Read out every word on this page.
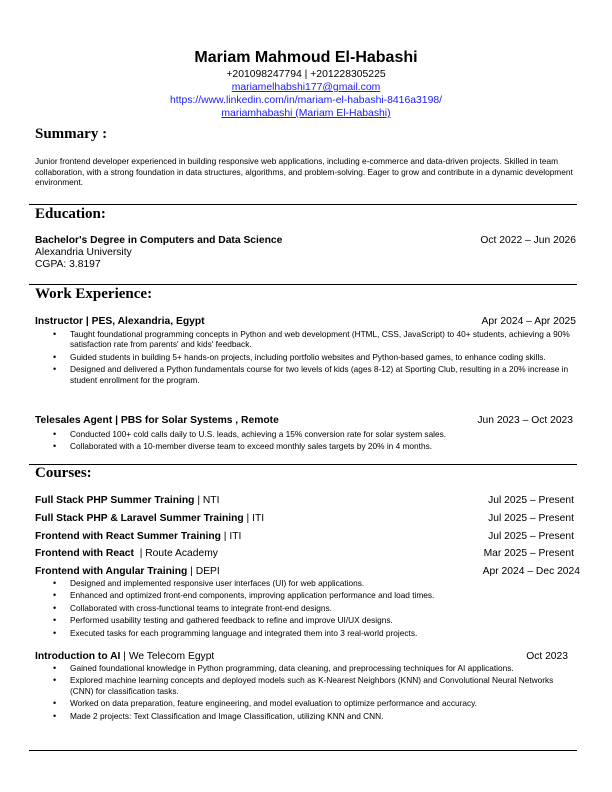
Mariam Mahmoud El-Habashi
+201098247794 | +201228305225
mariamelhabshi177@gmail.com
https://www.linkedin.com/in/mariam-el-habashi-8416a3198/
mariamhabashi (Mariam El-Habashi)
Summary :
Junior frontend developer experienced in building responsive web applications, including e-commerce and data-driven projects. Skilled in team collaboration, with a strong foundation in data structures, algorithms, and problem-solving. Eager to grow and contribute in a dynamic development environment.
Education:
Bachelor's Degree in Computers and Data Science	Oct 2022 – Jun 2026
Alexandria University
CGPA: 3.8197
Work Experience:
Instructor | PES, Alexandria, Egypt	Apr 2024 – Apr 2025
• Taught foundational programming concepts in Python and web development (HTML, CSS, JavaScript) to 40+ students, achieving a 90% satisfaction rate from parents' and kids' feedback.
• Guided students in building 5+ hands-on projects, including portfolio websites and Python-based games, to enhance coding skills.
• Designed and delivered a Python fundamentals course for two levels of kids (ages 8-12) at Sporting Club, resulting in a 20% increase in student enrollment for the program.
Telesales Agent | PBS for Solar Systems , Remote	Jun 2023 – Oct 2023
• Conducted 100+ cold calls daily to U.S. leads, achieving a 15% conversion rate for solar system sales.
• Collaborated with a 10-member diverse team to exceed monthly sales targets by 20% in 4 months.
Courses:
Full Stack PHP Summer Training | NTI	Jul 2025 – Present
Full Stack PHP & Laravel Summer Training | ITI	Jul 2025 – Present
Frontend with React Summer Training | ITI	Jul 2025 – Present
Frontend with React  | Route Academy	Mar 2025 – Present
Frontend with Angular Training | DEPI	Apr 2024 – Dec 2024
• Designed and implemented responsive user interfaces (UI) for web applications.
• Enhanced and optimized front-end components, improving application performance and load times.
• Collaborated with cross-functional teams to integrate front-end designs.
• Performed usability testing and gathered feedback to refine and improve UI/UX designs.
• Executed tasks for each programming language and integrated them into 3 real-world projects.
Introduction to AI | We Telecom Egypt	Oct 2023
• Gained foundational knowledge in Python programming, data cleaning, and preprocessing techniques for AI applications.
• Explored machine learning concepts and deployed models such as K-Nearest Neighbors (KNN) and Convolutional Neural Networks (CNN) for classification tasks.
• Worked on data preparation, feature engineering, and model evaluation to optimize performance and accuracy.
• Made 2 projects: Text Classification and Image Classification, utilizing KNN and CNN.
